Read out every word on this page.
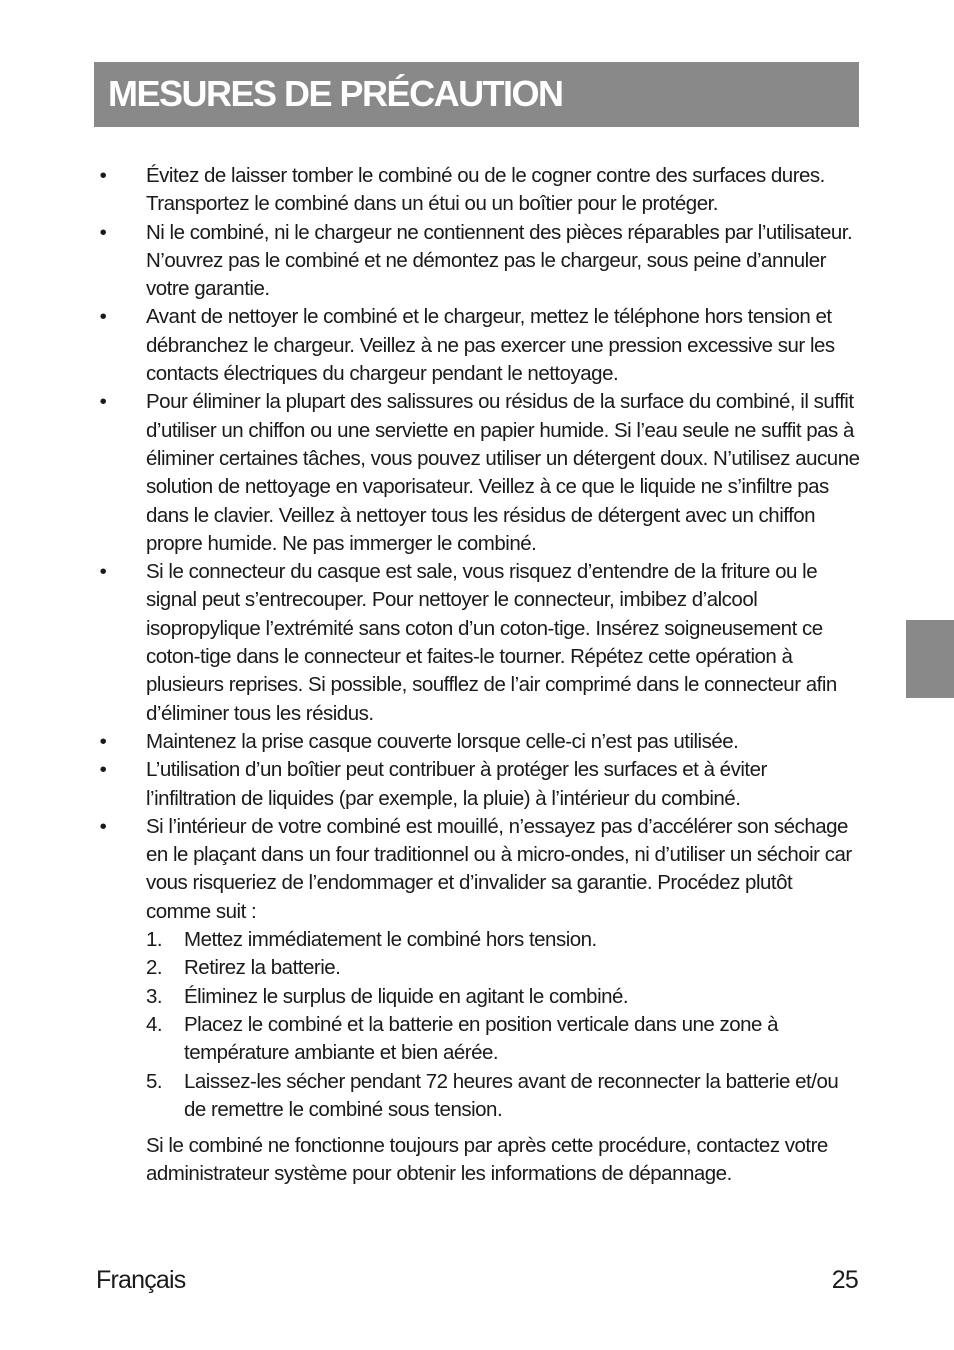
MESURES DE PRÉCAUTION
• Évitez de laisser tomber le combiné ou de le cogner contre des surfaces dures. Transportez le combiné dans un étui ou un boîtier pour le protéger.
• Ni le combiné, ni le chargeur ne contiennent des pièces réparables par l’utilisateur. N’ouvrez pas le combiné et ne démontez pas le chargeur, sous peine d’annuler votre garantie.
• Avant de nettoyer le combiné et le chargeur, mettez le téléphone hors tension et débranchez le chargeur. Veillez à ne pas exercer une pression excessive sur les contacts électriques du chargeur pendant le nettoyage.
• Pour éliminer la plupart des salissures ou résidus de la surface du combiné, il suffit d’utiliser un chiffon ou une serviette en papier humide. Si l’eau seule ne suffit pas à éliminer certaines tâches, vous pouvez utiliser un détergent doux. N’utilisez aucune solution de nettoyage en vaporisateur. Veillez à ce que le liquide ne s’infiltre pas dans le clavier. Veillez à nettoyer tous les résidus de détergent avec un chiffon propre humide. Ne pas immerger le combiné.
• Si le connecteur du casque est sale, vous risquez d’entendre de la friture ou le signal peut s’entrecouper. Pour nettoyer le connecteur, imbibez d’alcool isopropylique l’extrémité sans coton d’un coton-tige. Insérez soigneusement ce coton-tige dans le connecteur et faites-le tourner. Répétez cette opération à plusieurs reprises. Si possible, soufflez de l’air comprimé dans le connecteur afin d’éliminer tous les résidus.
• Maintenez la prise casque couverte lorsque celle-ci n’est pas utilisée.
• L’utilisation d’un boîtier peut contribuer à protéger les surfaces et à éviter l’infiltration de liquides (par exemple, la pluie) à l’intérieur du combiné.
• Si l’intérieur de votre combiné est mouillé, n’essayez pas d’accélérer son séchage en le plaçant dans un four traditionnel ou à micro-ondes, ni d’utiliser un séchoir car vous risqueriez de l’endommager et d’invalider sa garantie. Procédez plutôt comme suit :
1. Mettez immédiatement le combiné hors tension.
2. Retirez la batterie.
3. Éliminez le surplus de liquide en agitant le combiné.
4. Placez le combiné et la batterie en position verticale dans une zone à température ambiante et bien aérée.
5. Laissez-les sécher pendant 72 heures avant de reconnecter la batterie et/ou de remettre le combiné sous tension.

Si le combiné ne fonctionne toujours par après cette procédure, contactez votre administrateur système pour obtenir les informations de dépannage.

Français	25
